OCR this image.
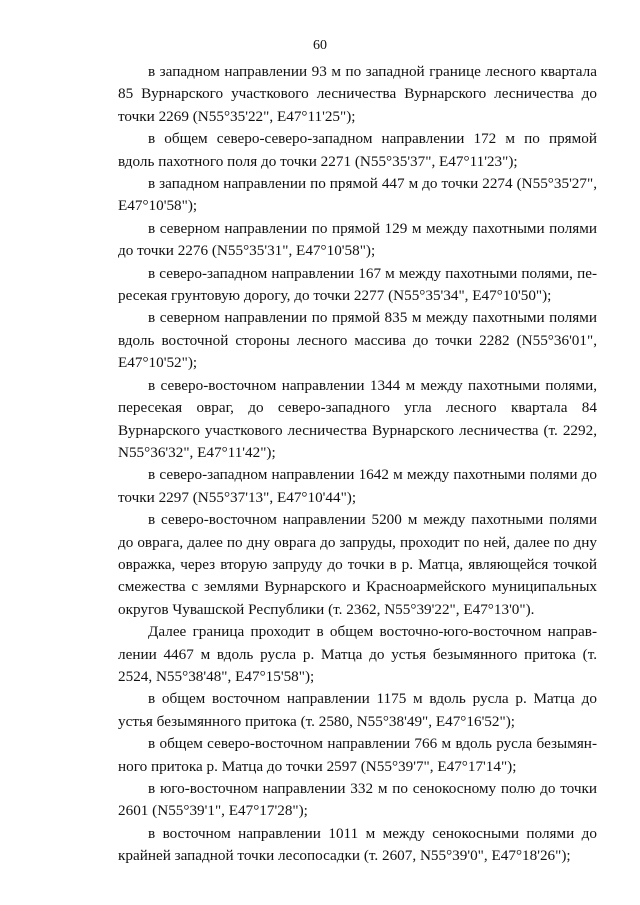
60

в западном направлении 93 м по западной границе лесного квартала 85 Вурнарского участкового лесничества Вурнарского лесничества до точки 2269 (N55°35'22", E47°11'25");

в общем северо-северо-западном направлении 172 м по прямой вдоль пахотного поля до точки 2271 (N55°35'37", E47°11'23");

в западном направлении по прямой 447 м до точки 2274 (N55°35'27", E47°10'58");

в северном направлении по прямой 129 м между пахотными полями до точки 2276 (N55°35'31", E47°10'58");

в северо-западном направлении 167 м между пахотными полями, пересекая грунтовую дорогу, до точки 2277 (N55°35'34", E47°10'50");

в северном направлении по прямой 835 м между пахотными полями вдоль восточной стороны лесного массива до точки 2282 (N55°36'01", E47°10'52");

в северо-восточном направлении 1344 м между пахотными полями, пересекая овраг, до северо-западного угла лесного квартала 84 Вурнарского участкового лесничества Вурнарского лесничества (т. 2292, N55°36'32", E47°11'42");

в северо-западном направлении 1642 м между пахотными полями до точки 2297 (N55°37'13", E47°10'44");

в северо-восточном направлении 5200 м между пахотными полями до оврага, далее по дну оврага до запруды, проходит по ней, далее по дну овражка, через вторую запруду до точки в р. Матца, являющейся точкой смежества с землями Вурнарского и Красноармейского муниципальных округов Чувашской Республики (т. 2362, N55°39'22", E47°13'0").

Далее граница проходит в общем восточно-юго-восточном направлении 4467 м вдоль русла р. Матца до устья безымянного притока (т. 2524, N55°38'48", E47°15'58");

в общем восточном направлении 1175 м вдоль русла р. Матца до устья безымянного притока (т. 2580, N55°38'49", E47°16'52");

в общем северо-восточном направлении 766 м вдоль русла безымянного притока р. Матца до точки 2597 (N55°39'7", E47°17'14");

в юго-восточном направлении 332 м по сенокосному полю до точки 2601 (N55°39'1", E47°17'28");

в восточном направлении 1011 м между сенокосными полями до крайней западной точки лесопосадки (т. 2607, N55°39'0", E47°18'26");
